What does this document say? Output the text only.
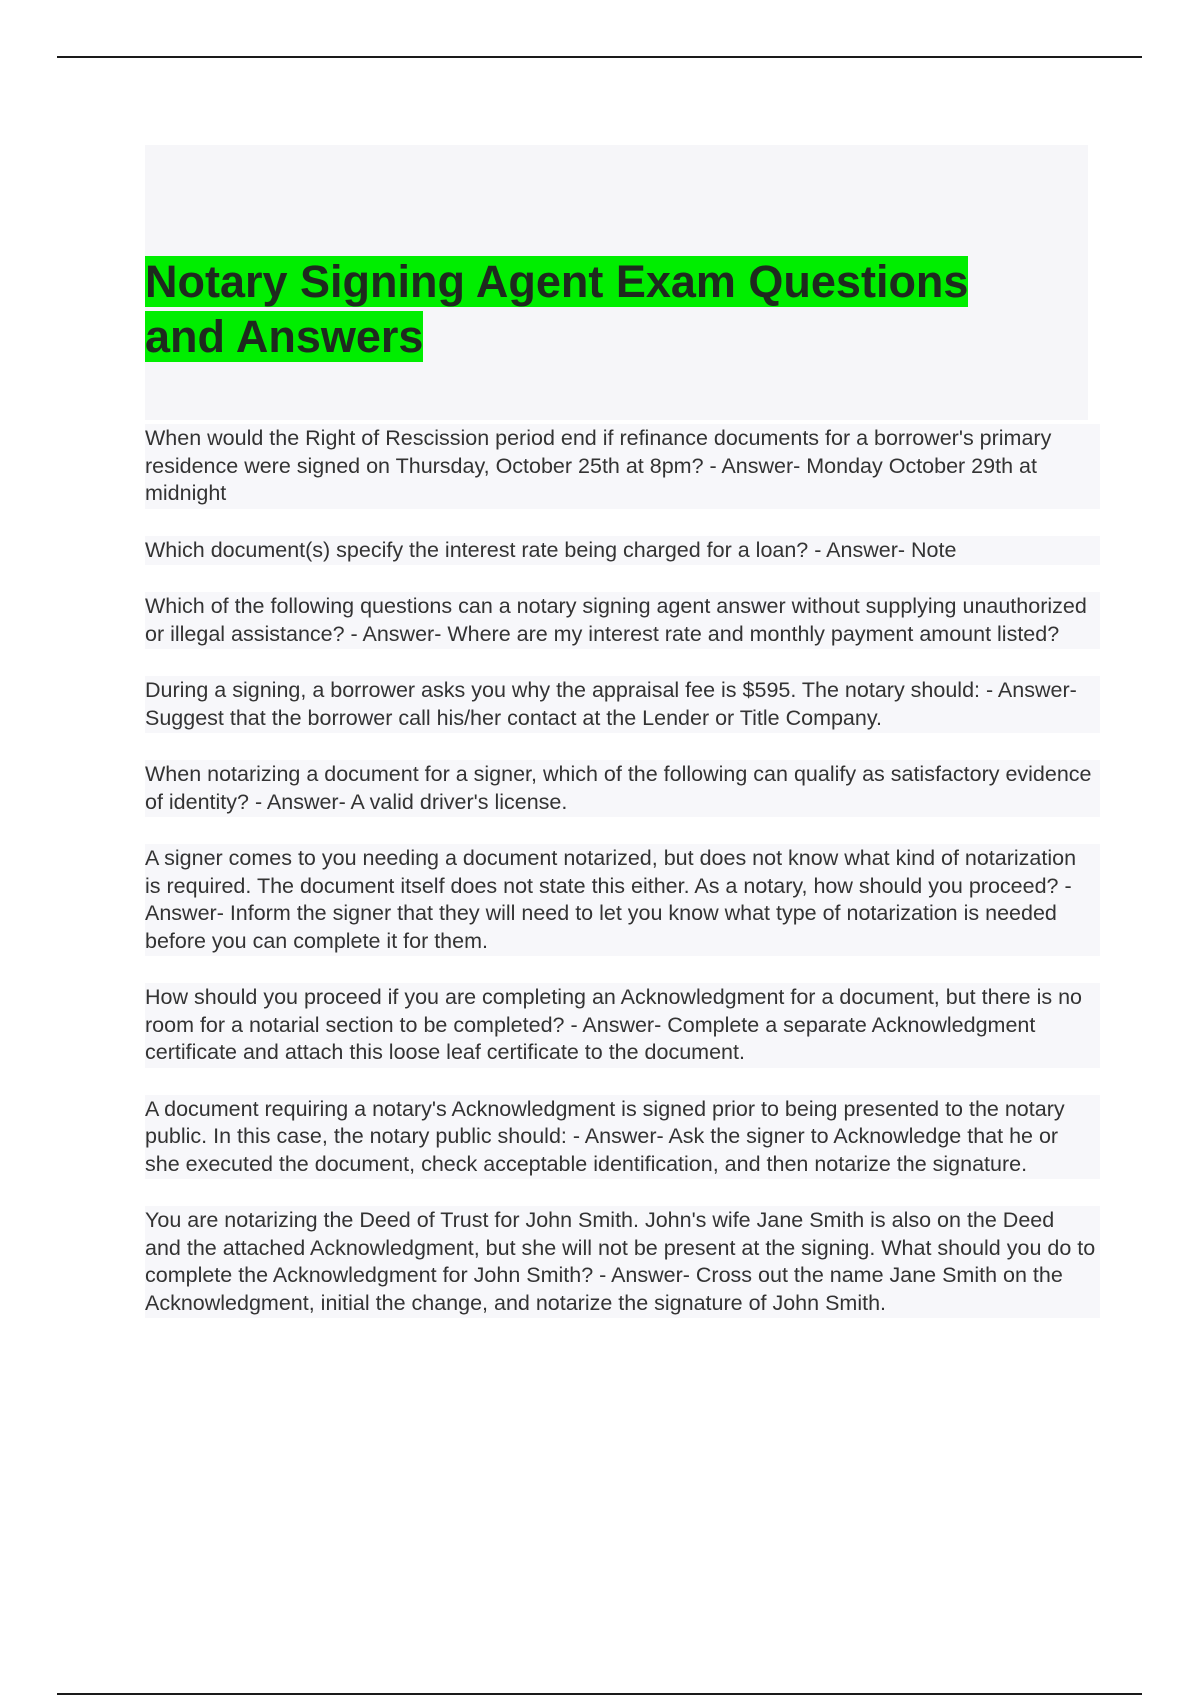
Notary Signing Agent Exam Questions
and Answers

When would the Right of Rescission period end if refinance documents for a borrower's primary residence were signed on Thursday, October 25th at 8pm? - Answer- Monday October 29th at midnight

Which document(s) specify the interest rate being charged for a loan? - Answer- Note

Which of the following questions can a notary signing agent answer without supplying unauthorized or illegal assistance? - Answer- Where are my interest rate and monthly payment amount listed?

During a signing, a borrower asks you why the appraisal fee is $595. The notary should: - Answer- Suggest that the borrower call his/her contact at the Lender or Title Company.

When notarizing a document for a signer, which of the following can qualify as satisfactory evidence of identity? - Answer- A valid driver's license.

A signer comes to you needing a document notarized, but does not know what kind of notarization is required. The document itself does not state this either. As a notary, how should you proceed? - Answer- Inform the signer that they will need to let you know what type of notarization is needed before you can complete it for them.

How should you proceed if you are completing an Acknowledgment for a document, but there is no room for a notarial section to be completed? - Answer- Complete a separate Acknowledgment certificate and attach this loose leaf certificate to the document.

A document requiring a notary's Acknowledgment is signed prior to being presented to the notary public. In this case, the notary public should: - Answer- Ask the signer to Acknowledge that he or she executed the document, check acceptable identification, and then notarize the signature.

You are notarizing the Deed of Trust for John Smith. John's wife Jane Smith is also on the Deed and the attached Acknowledgment, but she will not be present at the signing. What should you do to complete the Acknowledgment for John Smith? - Answer- Cross out the name Jane Smith on the Acknowledgment, initial the change, and notarize the signature of John Smith.
